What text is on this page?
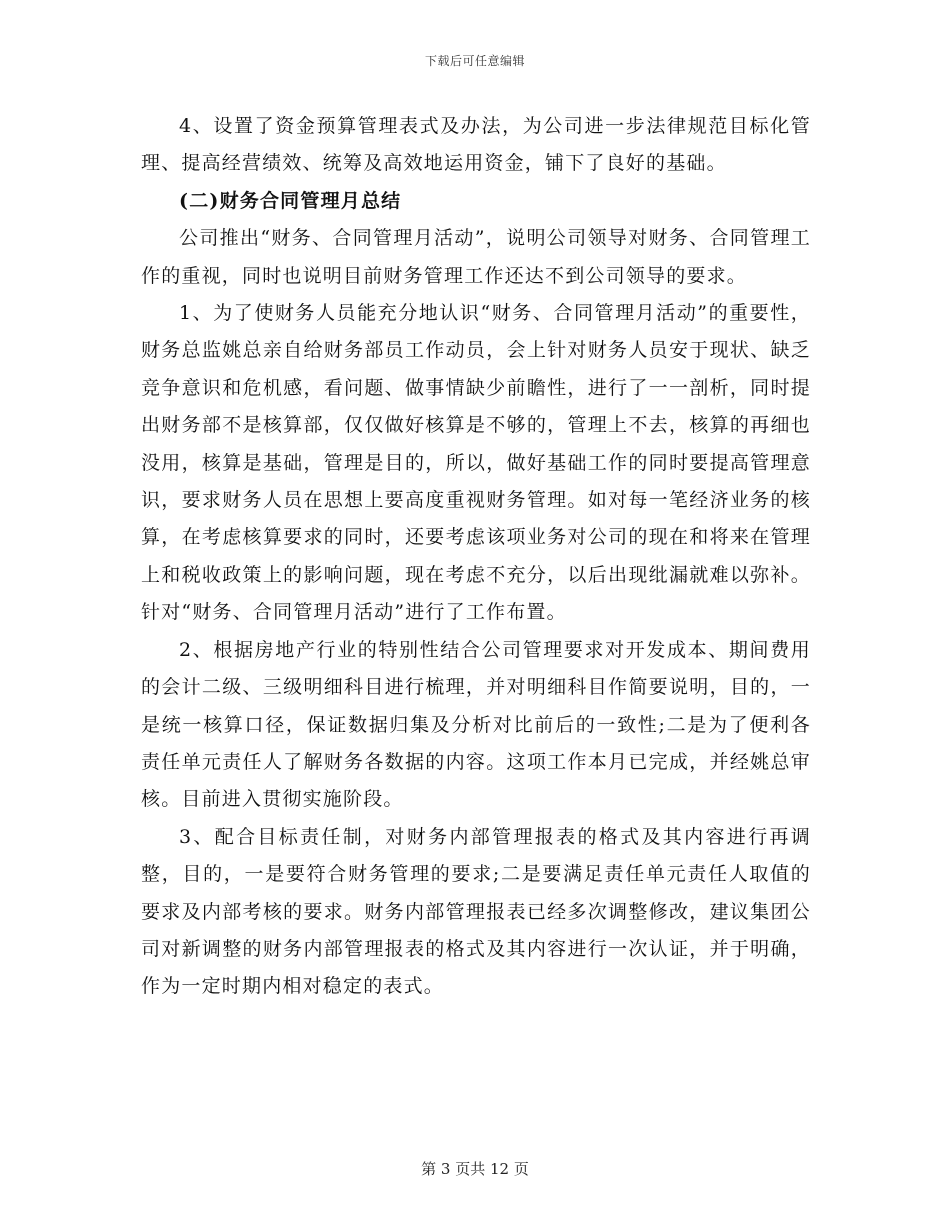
下载后可任意编辑

4、设置了资金预算管理表式及办法，为公司进一步法律规范目标化管理、提高经营绩效、统筹及高效地运用资金，铺下了良好的基础。

(二)财务合同管理月总结

公司推出“财务、合同管理月活动”，说明公司领导对财务、合同管理工作的重视，同时也说明目前财务管理工作还达不到公司领导的要求。

1、为了使财务人员能充分地认识“财务、合同管理月活动”的重要性，财务总监姚总亲自给财务部员工作动员，会上针对财务人员安于现状、缺乏竞争意识和危机感，看问题、做事情缺少前瞻性，进行了一一剖析，同时提出财务部不是核算部，仅仅做好核算是不够的，管理上不去，核算的再细也没用，核算是基础，管理是目的，所以，做好基础工作的同时要提高管理意识，要求财务人员在思想上要高度重视财务管理。如对每一笔经济业务的核算，在考虑核算要求的同时，还要考虑该项业务对公司的现在和将来在管理上和税收政策上的影响问题，现在考虑不充分，以后出现纰漏就难以弥补。针对“财务、合同管理月活动”进行了工作布置。

2、根据房地产行业的特别性结合公司管理要求对开发成本、期间费用的会计二级、三级明细科目进行梳理，并对明细科目作简要说明，目的，一是统一核算口径，保证数据归集及分析对比前后的一致性;二是为了便利各责任单元责任人了解财务各数据的内容。这项工作本月已完成，并经姚总审核。目前进入贯彻实施阶段。

3、配合目标责任制，对财务内部管理报表的格式及其内容进行再调整，目的，一是要符合财务管理的要求;二是要满足责任单元责任人取值的要求及内部考核的要求。财务内部管理报表已经多次调整修改，建议集团公司对新调整的财务内部管理报表的格式及其内容进行一次认证，并于明确，作为一定时期内相对稳定的表式。

第 3 页共 12 页
